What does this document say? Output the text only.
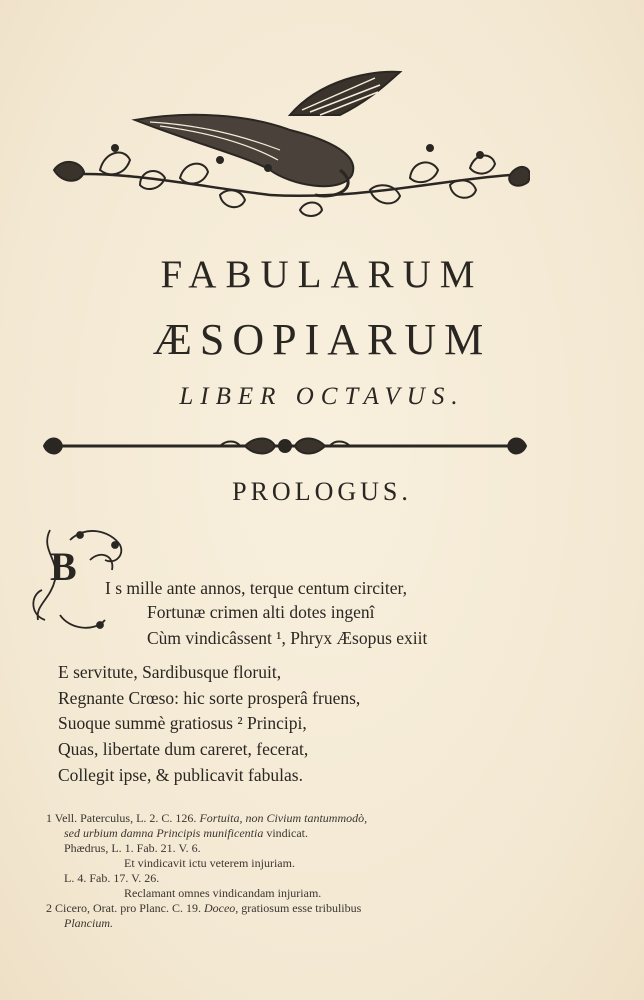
FABULARUM
ÆSOPIARUM
LIBER OCTAVUS.
PROLOGUS.
B I s mille ante annos, terque centum circiter,
Fortunæ crimen alti dotes ingenî
Cùm vindicâssent ¹, Phryx Æsopus exiit
E servitute, Sardibusque floruit,
Regnante Crœso: hic sorte prosperâ fruens,
Suoque summè gratiosus ² Principi,
Quas, libertate dum careret, fecerat,
Collegit ipse, & publicavit fabulas.
1 Vell. Paterculus, L. 2. C. 126. Fortuita, non Civium tantummodò,
sed urbium damna Principis munificentia vindicat.
Phædrus, L. 1. Fab. 21. V. 6.
Et vindicavit ictu veterem injuriam.
L. 4. Fab. 17. V. 26.
Reclamant omnes vindicandam injuriam.
2 Cicero, Orat. pro Planc. C. 19. Doceo, gratiosum esse tribulibus
Plancium.
